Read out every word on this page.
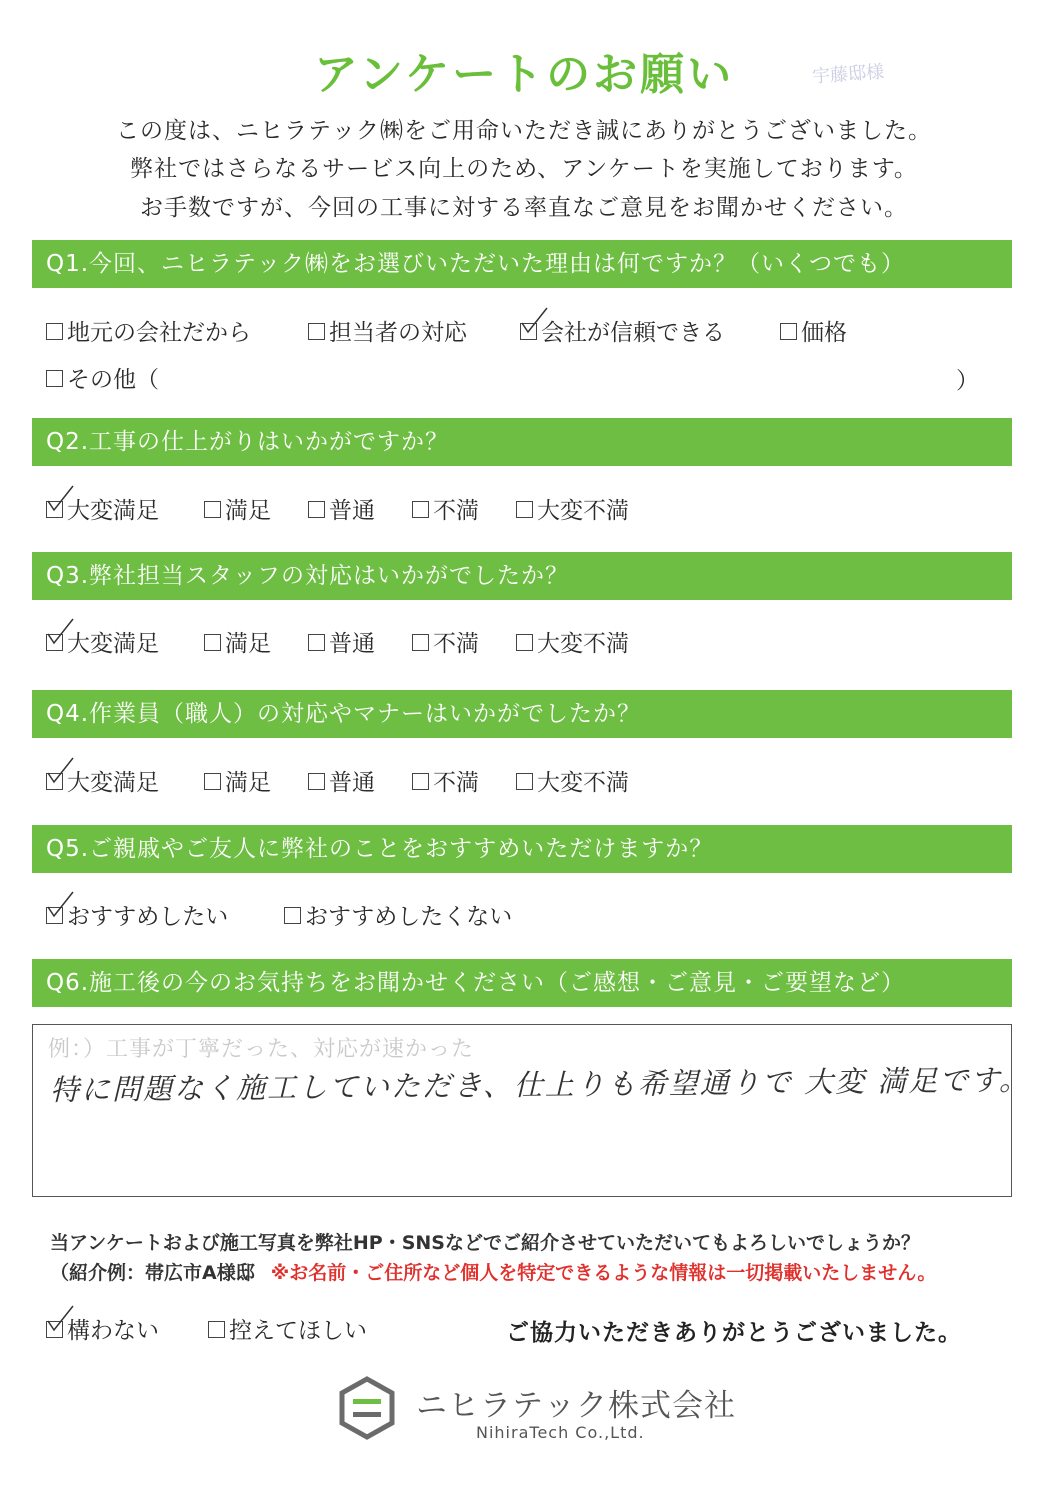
アンケートのお願い	宇藤邸様
この度は、ニヒラテック㈱をご用命いただき誠にありがとうございました。
弊社ではさらなるサービス向上のため、アンケートを実施しております。
お手数ですが、今回の工事に対する率直なご意見をお聞かせください。
Q1.今回、ニヒラテック㈱をお選びいただいた理由は何ですか？（いくつでも）
地元の会社だから	担当者の対応	会社が信頼できる	価格
その他（	）
Q2.工事の仕上がりはいかがですか？
大変満足	満足	普通	不満	大変不満
Q3.弊社担当スタッフの対応はいかがでしたか？
大変満足	満足	普通	不満	大変不満
Q4.作業員（職人）の対応やマナーはいかがでしたか？
大変満足	満足	普通	不満	大変不満
Q5.ご親戚やご友人に弊社のことをおすすめいただけますか？
おすすめしたい	おすすめしたくない
Q6.施工後の今のお気持ちをお聞かせください（ご感想・ご意見・ご要望など）
例：）工事が丁寧だった、対応が速かった
特に問題なく施工していただき、仕上りも希望通りで 大変 満足です。
当アンケートおよび施工写真を弊社HP・SNSなどでご紹介させていただいてもよろしいでしょうか？
（紹介例：帯広市A様邸 ※お名前・ご住所など個人を特定できるような情報は一切掲載いたしません。
構わない	控えてほしい	ご協力いただきありがとうございました。
ニヒラテック株式会社
NihiraTech Co.,Ltd.
